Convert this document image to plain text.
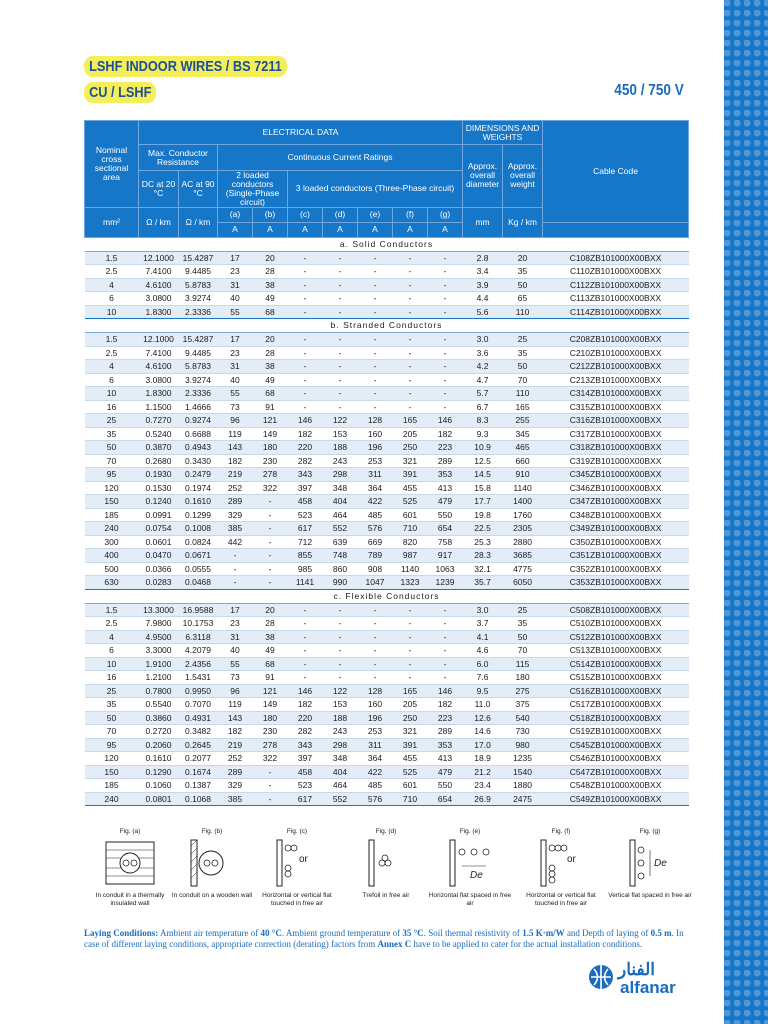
LSHF INDOOR WIRES / BS 7211
CU / LSHF	450 / 750 V
Nominal cross sectional area	ELECTRICAL DATA									DIMENSIONS AND WEIGHTS		Cable Code
	Max. Conductor Resistance		Continuous Current Ratings							Approx. overall diameter	Approx. overall weight	
	DC at 20 °C	AC at 90 °C	2 loaded conductors (Single-Phase circuit)		3 loaded conductors (Three-Phase circuit)							
mm²	Ω / km	Ω / km	(a)	(b)	(c)	(d)	(e)	(f)	(g)	mm	Kg / km	
			A	A	A	A	A	A	A			
a. Solid Conductors												
1.5	12.1000	15.4287	17	20	-	-	-	-	-	2.8	20	C108ZB101000X00BXX
2.5	7.4100	9.4485	23	28	-	-	-	-	-	3.4	35	C110ZB101000X00BXX
4	4.6100	5.8783	31	38	-	-	-	-	-	3.9	50	C112ZB101000X00BXX
6	3.0800	3.9274	40	49	-	-	-	-	-	4.4	65	C113ZB101000X00BXX
10	1.8300	2.3336	55	68	-	-	-	-	-	5.6	110	C114ZB101000X00BXX
b. Stranded Conductors												
1.5	12.1000	15.4287	17	20	-	-	-	-	-	3.0	25	C208ZB101000X00BXX
2.5	7.4100	9.4485	23	28	-	-	-	-	-	3.6	35	C210ZB101000X00BXX
4	4.6100	5.8783	31	38	-	-	-	-	-	4.2	50	C212ZB101000X00BXX
6	3.0800	3.9274	40	49	-	-	-	-	-	4.7	70	C213ZB101000X00BXX
10	1.8300	2.3336	55	68	-	-	-	-	-	5.7	110	C314ZB101000X00BXX
16	1.1500	1.4666	73	91	-	-	-	-	-	6.7	165	C315ZB101000X00BXX
25	0.7270	0.9274	96	121	146	122	128	165	146	8.3	255	C316ZB101000X00BXX
35	0.5240	0.6688	119	149	182	153	160	205	182	9.3	345	C317ZB101000X00BXX
50	0.3870	0.4943	143	180	220	188	196	250	223	10.9	465	C318ZB101000X00BXX
70	0.2680	0.3430	182	230	282	243	253	321	289	12.5	660	C319ZB101000X00BXX
95	0.1930	0.2479	219	278	343	298	311	391	353	14.5	910	C345ZB101000X00BXX
120	0.1530	0.1974	252	322	397	348	364	455	413	15.8	1140	C346ZB101000X00BXX
150	0.1240	0.1610	289	-	458	404	422	525	479	17.7	1400	C347ZB101000X00BXX
185	0.0991	0.1299	329	-	523	464	485	601	550	19.8	1760	C348ZB101000X00BXX
240	0.0754	0.1008	385	-	617	552	576	710	654	22.5	2305	C349ZB101000X00BXX
300	0.0601	0.0824	442	-	712	639	669	820	758	25.3	2880	C350ZB101000X00BXX
400	0.0470	0.0671	-	-	855	748	789	987	917	28.3	3685	C351ZB101000X00BXX
500	0.0366	0.0555	-	-	985	860	908	1140	1063	32.1	4775	C352ZB101000X00BXX
630	0.0283	0.0468	-	-	1141	990	1047	1323	1239	35.7	6050	C353ZB101000X00BXX
c. Flexible Conductors												
1.5	13.3000	16.9588	17	20	-	-	-	-	-	3.0	25	C508ZB101000X00BXX
2.5	7.9800	10.1753	23	28	-	-	-	-	-	3.7	35	C510ZB101000X00BXX
4	4.9500	6.3118	31	38	-	-	-	-	-	4.1	50	C512ZB101000X00BXX
6	3.3000	4.2079	40	49	-	-	-	-	-	4.6	70	C513ZB101000X00BXX
10	1.9100	2.4356	55	68	-	-	-	-	-	6.0	115	C514ZB101000X00BXX
16	1.2100	1.5431	73	91	-	-	-	-	-	7.6	180	C515ZB101000X00BXX
25	0.7800	0.9950	96	121	146	122	128	165	146	9.5	275	C516ZB101000X00BXX
35	0.5540	0.7070	119	149	182	153	160	205	182	11.0	375	C517ZB101000X00BXX
50	0.3860	0.4931	143	180	220	188	196	250	223	12.6	540	C518ZB101000X00BXX
70	0.2720	0.3482	182	230	282	243	253	321	289	14.6	730	C519ZB101000X00BXX
95	0.2060	0.2645	219	278	343	298	311	391	353	17.0	980	C545ZB101000X00BXX
120	0.1610	0.2077	252	322	397	348	364	455	413	18.9	1235	C546ZB101000X00BXX
150	0.1290	0.1674	289	-	458	404	422	525	479	21.2	1540	C547ZB101000X00BXX
185	0.1060	0.1387	329	-	523	464	485	601	550	23.4	1880	C548ZB101000X00BXX
240	0.0801	0.1068	385	-	617	552	576	710	654	26.9	2475	C549ZB101000X00BXX
Fig. (a)
In conduit in a thermally insulated wall
Fig. (b)
In conduit on a wooden wall
Fig. (c)
or
Horizontal or vertical flat touched in free air
Fig. (d)
Trefoil in free air
Fig. (e)
De
Horizontal flat spaced in free air
Fig. (f)
or
Horizontal or vertical flat touched in free air
Fig. (g)
De
Vertical flat spaced in free air
Laying Conditions: Ambient air temperature of 40 °C. Ambient ground temperature of 35 °C. Soil thermal resistivity of 1.5 K·m/W and Depth of laying of 0.5 m. In case of different laying conditions, appropriate correction (derating) factors from Annex C have to be applied to cater for the actual installation conditions.
الفنار
alfanar
